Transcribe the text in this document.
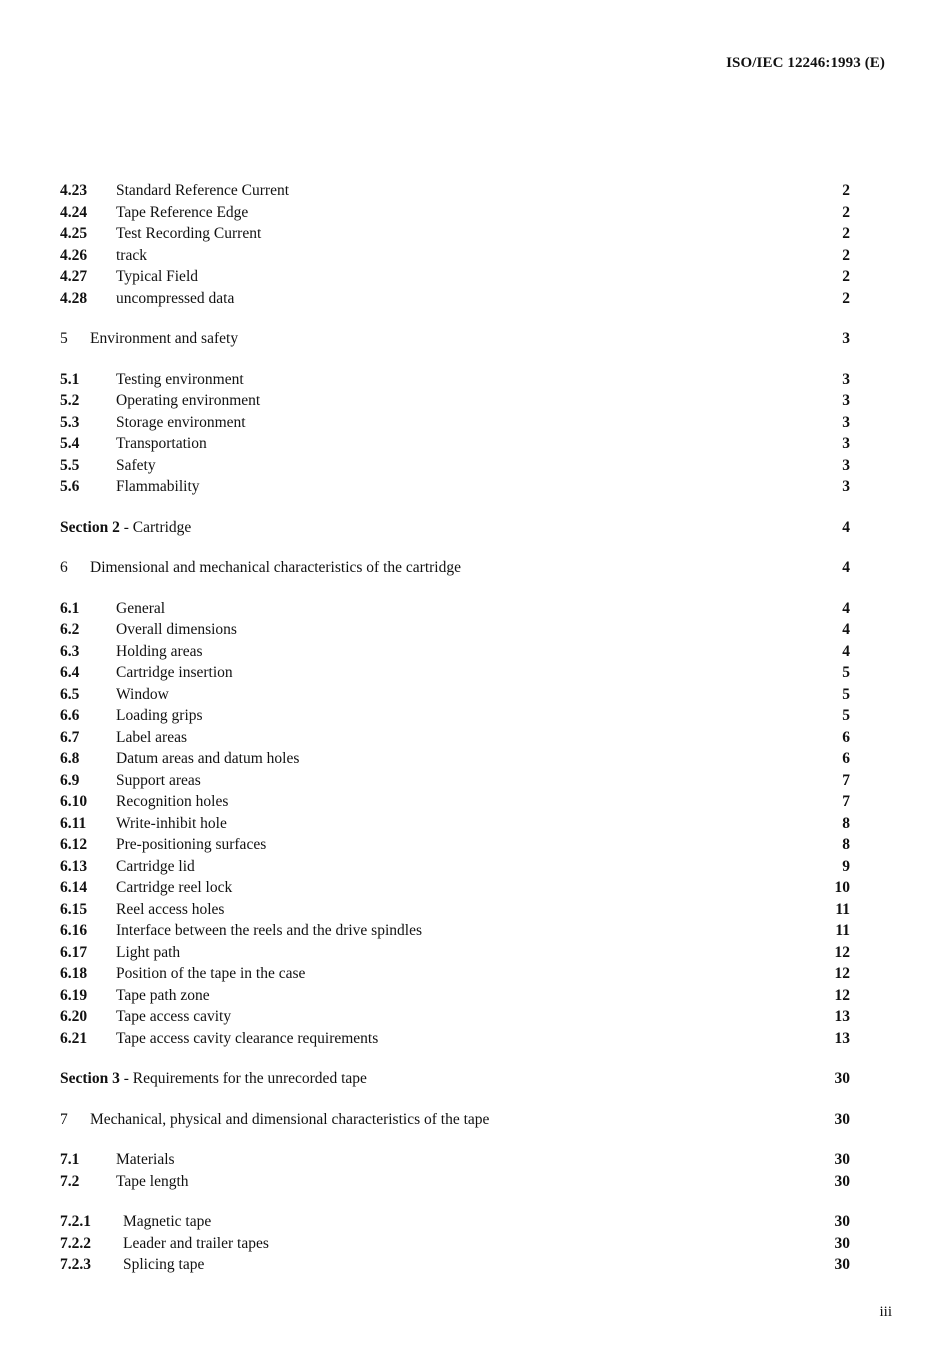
ISO/IEC 12246:1993 (E)
4.23 Standard Reference Current	2
4.24 Tape Reference Edge	2
4.25 Test Recording Current	2
4.26 track	2
4.27 Typical Field	2
4.28 uncompressed data	2
5 Environment and safety	3
5.1 Testing environment	3
5.2 Operating environment	3
5.3 Storage environment	3
5.4 Transportation	3
5.5 Safety	3
5.6 Flammability	3
Section 2 - Cartridge	4
6 Dimensional and mechanical characteristics of the cartridge	4
6.1 General	4
6.2 Overall dimensions	4
6.3 Holding areas	4
6.4 Cartridge insertion	5
6.5 Window	5
6.6 Loading grips	5
6.7 Label areas	6
6.8 Datum areas and datum holes	6
6.9 Support areas	7
6.10 Recognition holes	7
6.11 Write-inhibit hole	8
6.12 Pre-positioning surfaces	8
6.13 Cartridge lid	9
6.14 Cartridge reel lock	10
6.15 Reel access holes	11
6.16 Interface between the reels and the drive spindles	11
6.17 Light path	12
6.18 Position of the tape in the case	12
6.19 Tape path zone	12
6.20 Tape access cavity	13
6.21 Tape access cavity clearance requirements	13
Section 3 - Requirements for the unrecorded tape	30
7 Mechanical, physical and dimensional characteristics of the tape	30
7.1 Materials	30
7.2 Tape length	30
7.2.1 Magnetic tape	30
7.2.2 Leader and trailer tapes	30
7.2.3 Splicing tape	30
iii
